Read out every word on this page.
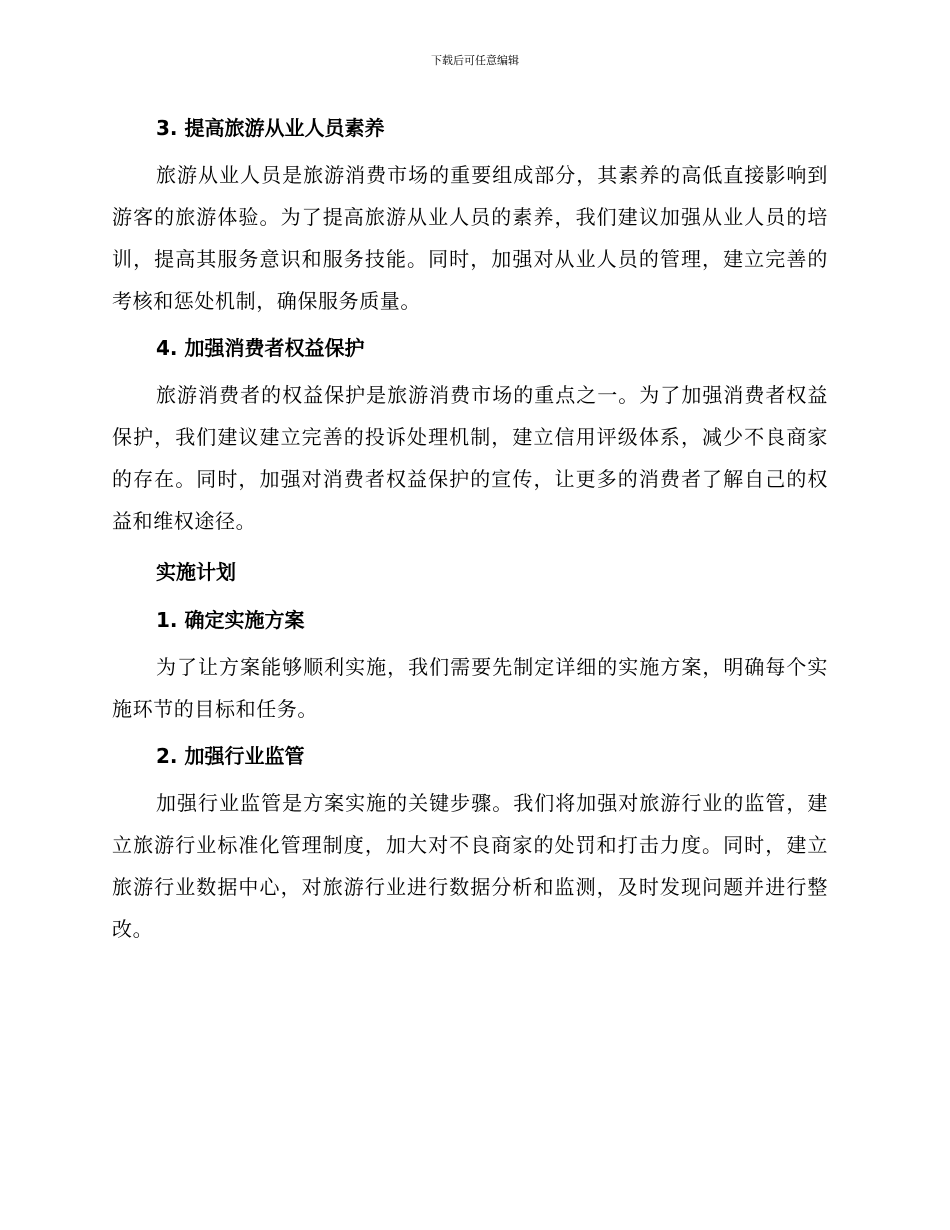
下载后可任意编辑
3. 提高旅游从业人员素养

旅游从业人员是旅游消费市场的重要组成部分，其素养的高低直接影响到游客的旅游体验。为了提高旅游从业人员的素养，我们建议加强从业人员的培训，提高其服务意识和服务技能。同时，加强对从业人员的管理，建立完善的考核和惩处机制，确保服务质量。

4. 加强消费者权益保护

旅游消费者的权益保护是旅游消费市场的重点之一。为了加强消费者权益保护，我们建议建立完善的投诉处理机制，建立信用评级体系，减少不良商家的存在。同时，加强对消费者权益保护的宣传，让更多的消费者了解自己的权益和维权途径。

实施计划
1. 确定实施方案

为了让方案能够顺利实施，我们需要先制定详细的实施方案，明确每个实施环节的目标和任务。

2. 加强行业监管

加强行业监管是方案实施的关键步骤。我们将加强对旅游行业的监管，建立旅游行业标准化管理制度，加大对不良商家的处罚和打击力度。同时，建立旅游行业数据中心，对旅游行业进行数据分析和监测，及时发现问题并进行整改。
